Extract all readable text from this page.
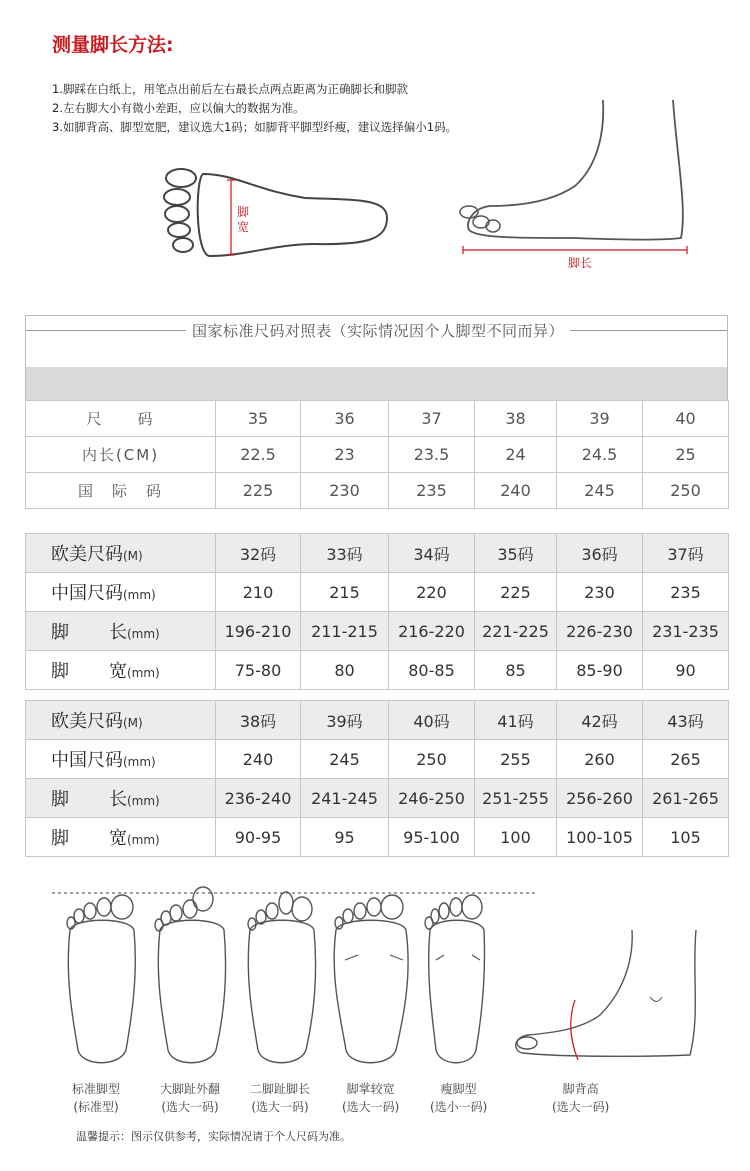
测量脚长方法:
1.脚踩在白纸上，用笔点出前后左右最长点两点距离为正确脚长和脚款
2.左右脚大小有微小差距，应以偏大的数据为准。
3.如脚背高、脚型宽肥，建议选大1码；如脚背平脚型纤瘦，建议选择偏小1码。
脚
宽
脚长
国家标准尺码对照表（实际情况因个人脚型不同而异）
尺　　码	35	36	37	38	39	40
内长(CM)	22.5	23	23.5	24	24.5	25
国　际　码	225	230	235	240	245	250
欧美尺码(M)	32码	33码	34码	35码	36码	37码
中国尺码(mm)	210	215	220	225	230	235
脚 长(mm)	196-210	211-215	216-220	221-225	226-230	231-235
脚 宽(mm)	75-80	80	80-85	85	85-90	90
欧美尺码(M)	38码	39码	40码	41码	42码	43码
中国尺码(mm)	240	245	250	255	260	265
脚 长(mm)	236-240	241-245	246-250	251-255	256-260	261-265
脚 宽(mm)	90-95	95	95-100	100	100-105	105
标准脚型
(标准型)
大脚趾外翻
(选大一码)
二脚趾脚长
(选大一码)
脚掌较宽
(选大一码)
瘦脚型
(选小一码)
脚背高
(选大一码)
温馨提示：图示仅供参考，实际情况请于个人尺码为准。
